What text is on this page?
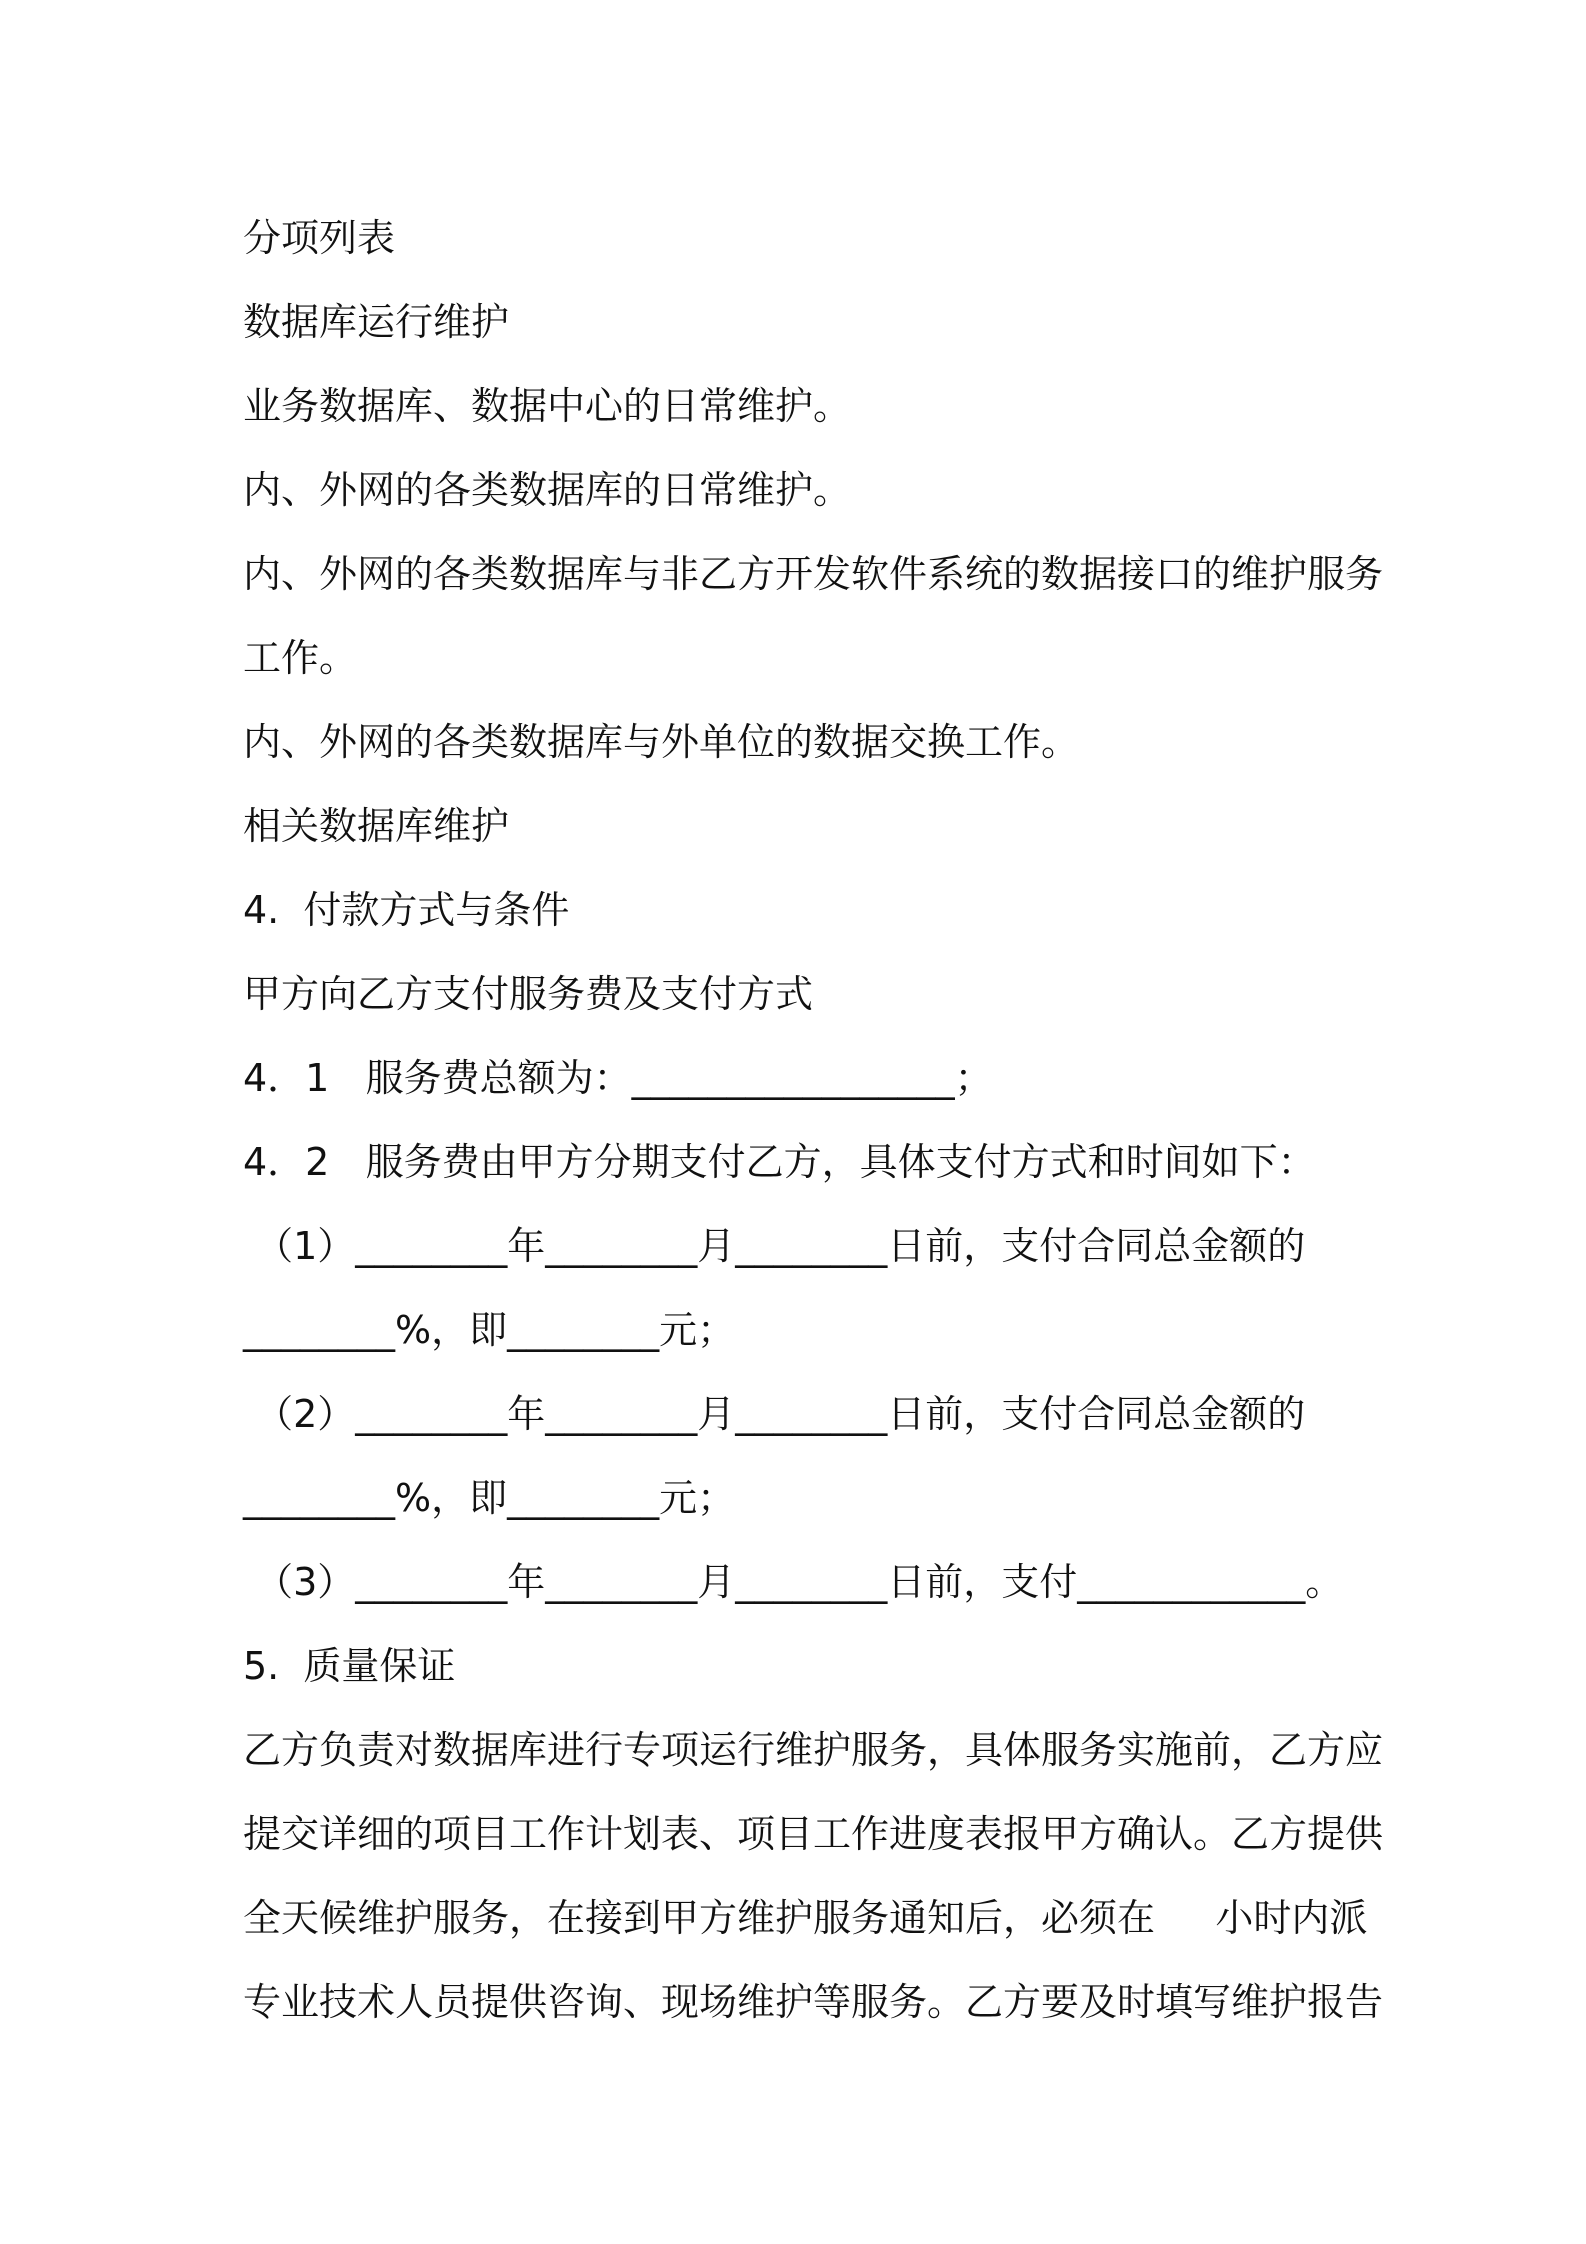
分项列表
数据库运行维护
业务数据库、数据中心的日常维护。
内、外网的各类数据库的日常维护。
内、外网的各类数据库与非乙方开发软件系统的数据接口的维护服务
工作。
内、外网的各类数据库与外单位的数据交换工作。
相关数据库维护
4.  付款方式与条件
甲方向乙方支付服务费及支付方式
4．1   服务费总额为：_________________；
4．2   服务费由甲方分期支付乙方，具体支付方式和时间如下：
（1）________年________月________日前，支付合同总金额的
________%，即________元；
（2）________年________月________日前，支付合同总金额的
________%，即________元；
（3）________年________月________日前，支付____________。
5.  质量保证
乙方负责对数据库进行专项运行维护服务，具体服务实施前，乙方应
提交详细的项目工作计划表、项目工作进度表报甲方确认。乙方提供
全天候维护服务，在接到甲方维护服务通知后，必须在     小时内派
专业技术人员提供咨询、现场维护等服务。乙方要及时填写维护报告
